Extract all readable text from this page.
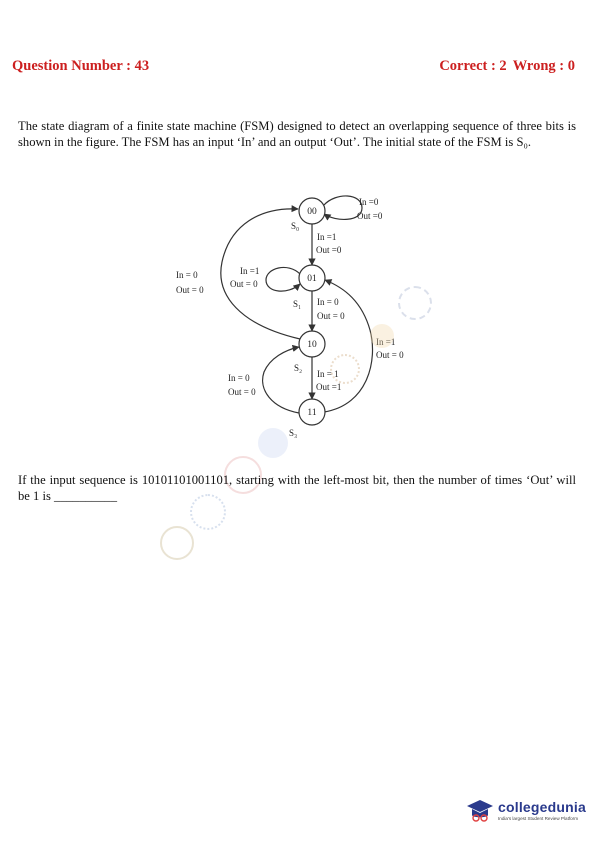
Question Number : 43	Correct : 2 Wrong : 0
The state diagram of a finite state machine (FSM) designed to detect an overlapping sequence of three bits is shown in the figure. The FSM has an input ‘In’ and an output ‘Out’. The initial state of the FSM is S₀.
00
01
10
11
S₀
S₁
S₂
S₃
In =0
Out =0
In =1
Out =0
In =1
Out = 0
In = 0
Out = 0
In = 0
Out = 0
In =1
Out = 0
In = 1
Out =1
In = 0
Out = 0
If the input sequence is 10101101001101, starting with the left-most bit, then the number of times ‘Out’ will be 1 is __________
collegedunia
India's largest Student Review Platform
